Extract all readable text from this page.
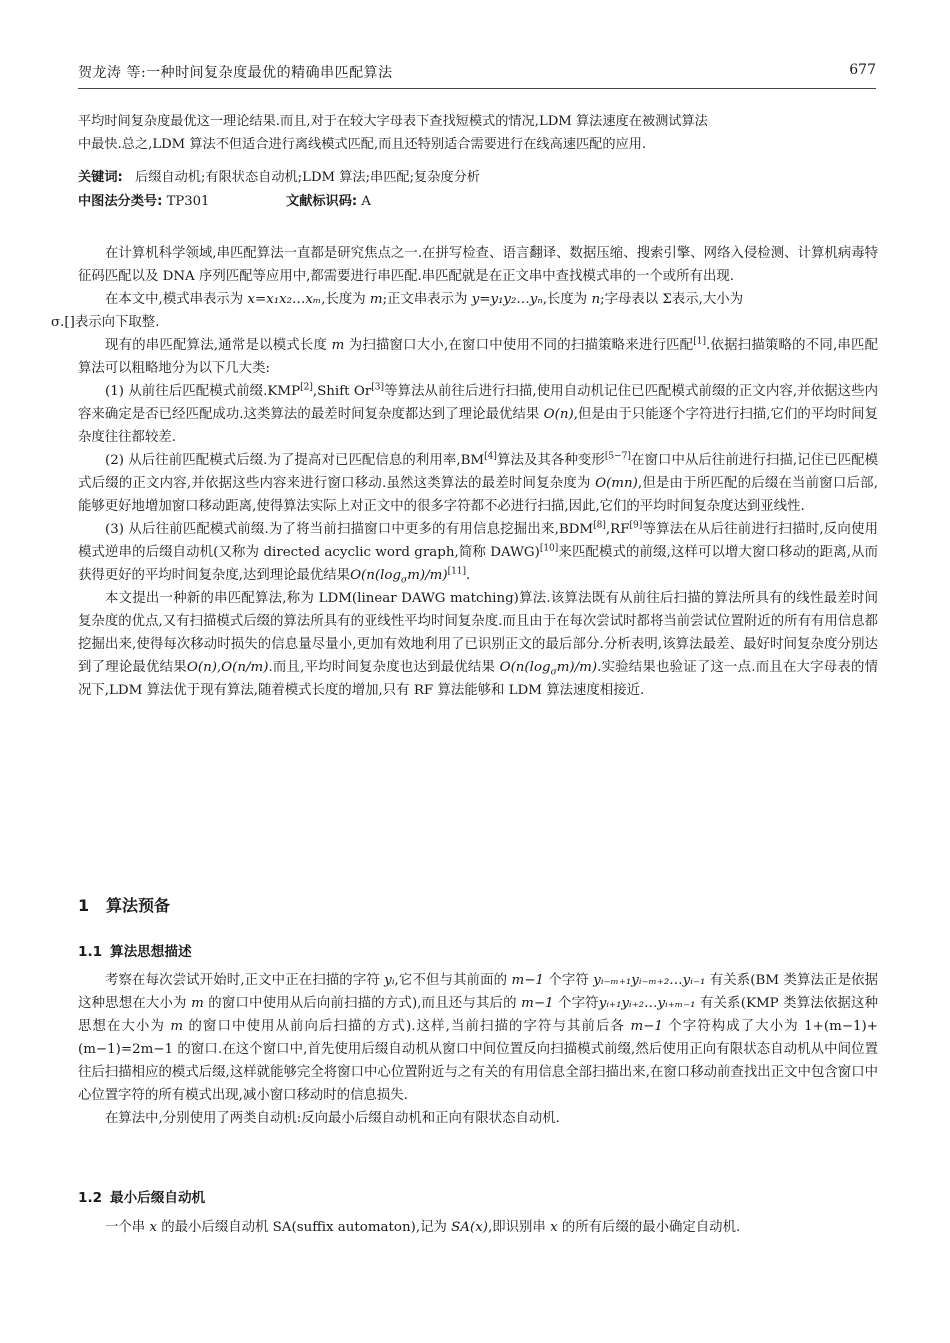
贺龙涛 等:一种时间复杂度最优的精确串匹配算法	677
平均时间复杂度最优这一理论结果.而且,对于在较大字母表下查找短模式的情况,LDM 算法速度在被测试算法
中最快.总之,LDM 算法不但适合进行离线模式匹配,而且还特别适合需要进行在线高速匹配的应用.
关键词: 后缀自动机;有限状态自动机;LDM 算法;串匹配;复杂度分析
中图法分类号: TP301	文献标识码: A

在计算机科学领域,串匹配算法一直都是研究焦点之一.在拼写检查、语言翻译、数据压缩、搜索引擎、网络入侵检测、计算机病毒特征码匹配以及 DNA 序列匹配等应用中,都需要进行串匹配.串匹配就是在正文串中查找模式串的一个或所有出现.

在本文中,模式串表示为 x=x₁x₂…xₘ,长度为 m;正文串表示为 y=y₁y₂…yₙ,长度为 n;字母表以 Σ表示,大小为
σ.[]表示向下取整.

现有的串匹配算法,通常是以模式长度 m 为扫描窗口大小,在窗口中使用不同的扫描策略来进行匹配[1].依据扫描策略的不同,串匹配算法可以粗略地分为以下几大类:

(1) 从前往后匹配模式前缀.KMP[2],Shift Or[3]等算法从前往后进行扫描,使用自动机记住已匹配模式前缀的正文内容,并依据这些内容来确定是否已经匹配成功.这类算法的最差时间复杂度都达到了理论最优结果 O(n),但是由于只能逐个字符进行扫描,它们的平均时间复杂度往往都较差.

(2) 从后往前匹配模式后缀.为了提高对已匹配信息的利用率,BM[4]算法及其各种变形[5−7]在窗口中从后往前进行扫描,记住已匹配模式后缀的正文内容,并依据这些内容来进行窗口移动.虽然这类算法的最差时间复杂度为 O(mn),但是由于所匹配的后缀在当前窗口后部,能够更好地增加窗口移动距离,使得算法实际上对正文中的很多字符都不必进行扫描,因此,它们的平均时间复杂度达到亚线性.

(3) 从后往前匹配模式前缀.为了将当前扫描窗口中更多的有用信息挖掘出来,BDM[8],RF[9]等算法在从后往前进行扫描时,反向使用模式逆串的后缀自动机(又称为 directed acyclic word graph,简称 DAWG)[10]来匹配模式的前缀,这样可以增大窗口移动的距离,从而获得更好的平均时间复杂度,达到理论最优结果$O(n(\log_\sigma m)/m)[11]$.

本文提出一种新的串匹配算法,称为 LDM(linear DAWG matching)算法.该算法既有从前往后扫描的算法所具有的线性最差时间复杂度的优点,又有扫描模式后缀的算法所具有的亚线性平均时间复杂度.而且由于在每次尝试时都将当前尝试位置附近的所有有用信息都挖掘出来,使得每次移动时损失的信息量尽量小,更加有效地利用了已识别正文的最后部分.分析表明,该算法最差、最好时间复杂度分别达到了理论最优结果O(n),O(n/m).而且,平均时间复杂度也达到最优结果 $O(n(\log_\sigma m)/m)$.实验结果也验证了这一点.而且在大字母表的情况下,LDM 算法优于现有算法,随着模式长度的增加,只有 RF 算法能够和 LDM 算法速度相接近.

1 算法预备
1.1 算法思想描述

考察在每次尝试开始时,正文中正在扫描的字符 yᵢ,它不但与其前面的 m−1 个字符 yᵢ₋ₘ₊₁yᵢ₋ₘ₊₂…yᵢ₋₁ 有关系(BM 类算法正是依据这种思想在大小为 m 的窗口中使用从后向前扫描的方式),而且还与其后的 m−1 个字符yᵢ₊₁yᵢ₊₂…yᵢ₊ₘ₋₁ 有关系(KMP 类算法依据这种思想在大小为 m 的窗口中使用从前向后扫描的方式).这样,当前扫描的字符与其前后各 m−1 个字符构成了大小为 1+(m−1)+(m−1)=2m−1 的窗口.在这个窗口中,首先使用后缀自动机从窗口中间位置反向扫描模式前缀,然后使用正向有限状态自动机从中间位置往后扫描相应的模式后缀,这样就能够完全将窗口中心位置附近与之有关的有用信息全部扫描出来,在窗口移动前查找出正文中包含窗口中心位置字符的所有模式出现,减小窗口移动时的信息损失.

在算法中,分别使用了两类自动机:反向最小后缀自动机和正向有限状态自动机.

1.2 最小后缀自动机

一个串 x 的最小后缀自动机 SA(suffix automaton),记为 SA(x),即识别串 x 的所有后缀的最小确定自动机.
